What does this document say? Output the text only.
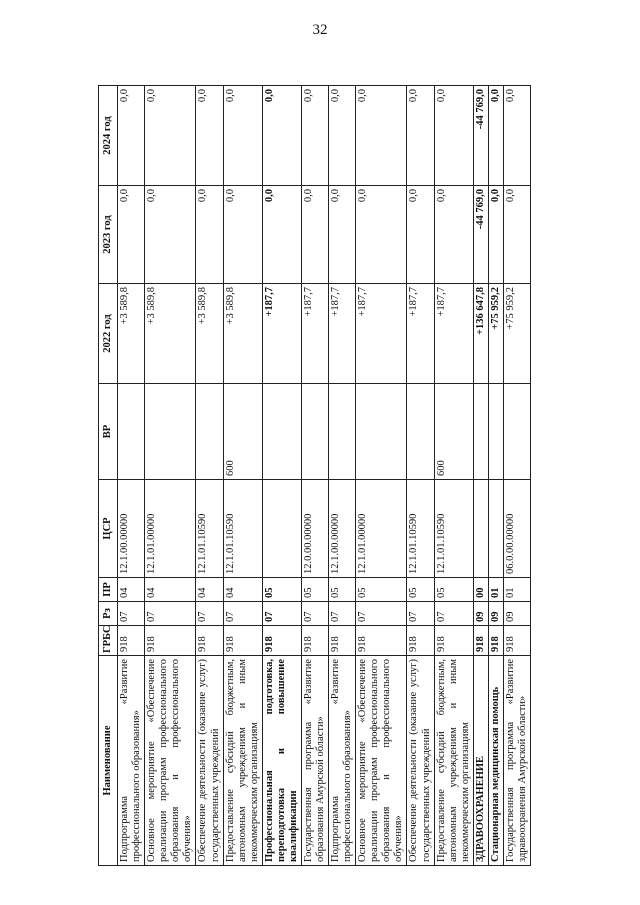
32
Наименование	ГРБС	Рз	ПР	ЦСР	ВР	2022 год	2023 год	2024 год
Подпрограмма «Развитие профессионального образования»	918	07	04	12.1.00.00000		+3 589,8	0,0	0,0
Основное мероприятие «Обеспечение реализации программ профессионального образования и профессионального обучения»	918	07	04	12.1.01.00000		+3 589,8	0,0	0,0
Обеспечение деятельности (оказание услуг) государственных учреждений	918	07	04	12.1.01.10590		+3 589,8	0,0	0,0
Предоставление субсидий бюджетным, автономным учреждениям и иным некоммерческим организациям	918	07	04	12.1.01.10590	600	+3 589,8	0,0	0,0
Профессиональная подготовка, переподготовка и повышение квалификации	918	07	05			+187,7	0,0	0,0
Государственная программа «Развитие образования Амурской области»	918	07	05	12.0.00.00000		+187,7	0,0	0,0
Подпрограмма «Развитие профессионального образования»	918	07	05	12.1.00.00000		+187,7	0,0	0,0
Основное мероприятие «Обеспечение реализации программ профессионального образования и профессионального обучения»	918	07	05	12.1.01.00000		+187,7	0,0	0,0
Обеспечение деятельности (оказание услуг) государственных учреждений	918	07	05	12.1.01.10590		+187,7	0,0	0,0
Предоставление субсидий бюджетным, автономным учреждениям и иным некоммерческим организациям	918	07	05	12.1.01.10590	600	+187,7	0,0	0,0
ЗДРАВООХРАНЕНИЕ	918	09	00			+136 647,8	-44 769,0	-44 769,0
Стационарная медицинская помощь	918	09	01			+75 959,2	0,0	0,0
Государственная программа «Развитие здравоохранения Амурской области»	918	09	01	06.0.00.00000		+75 959,2	0,0	0,0
